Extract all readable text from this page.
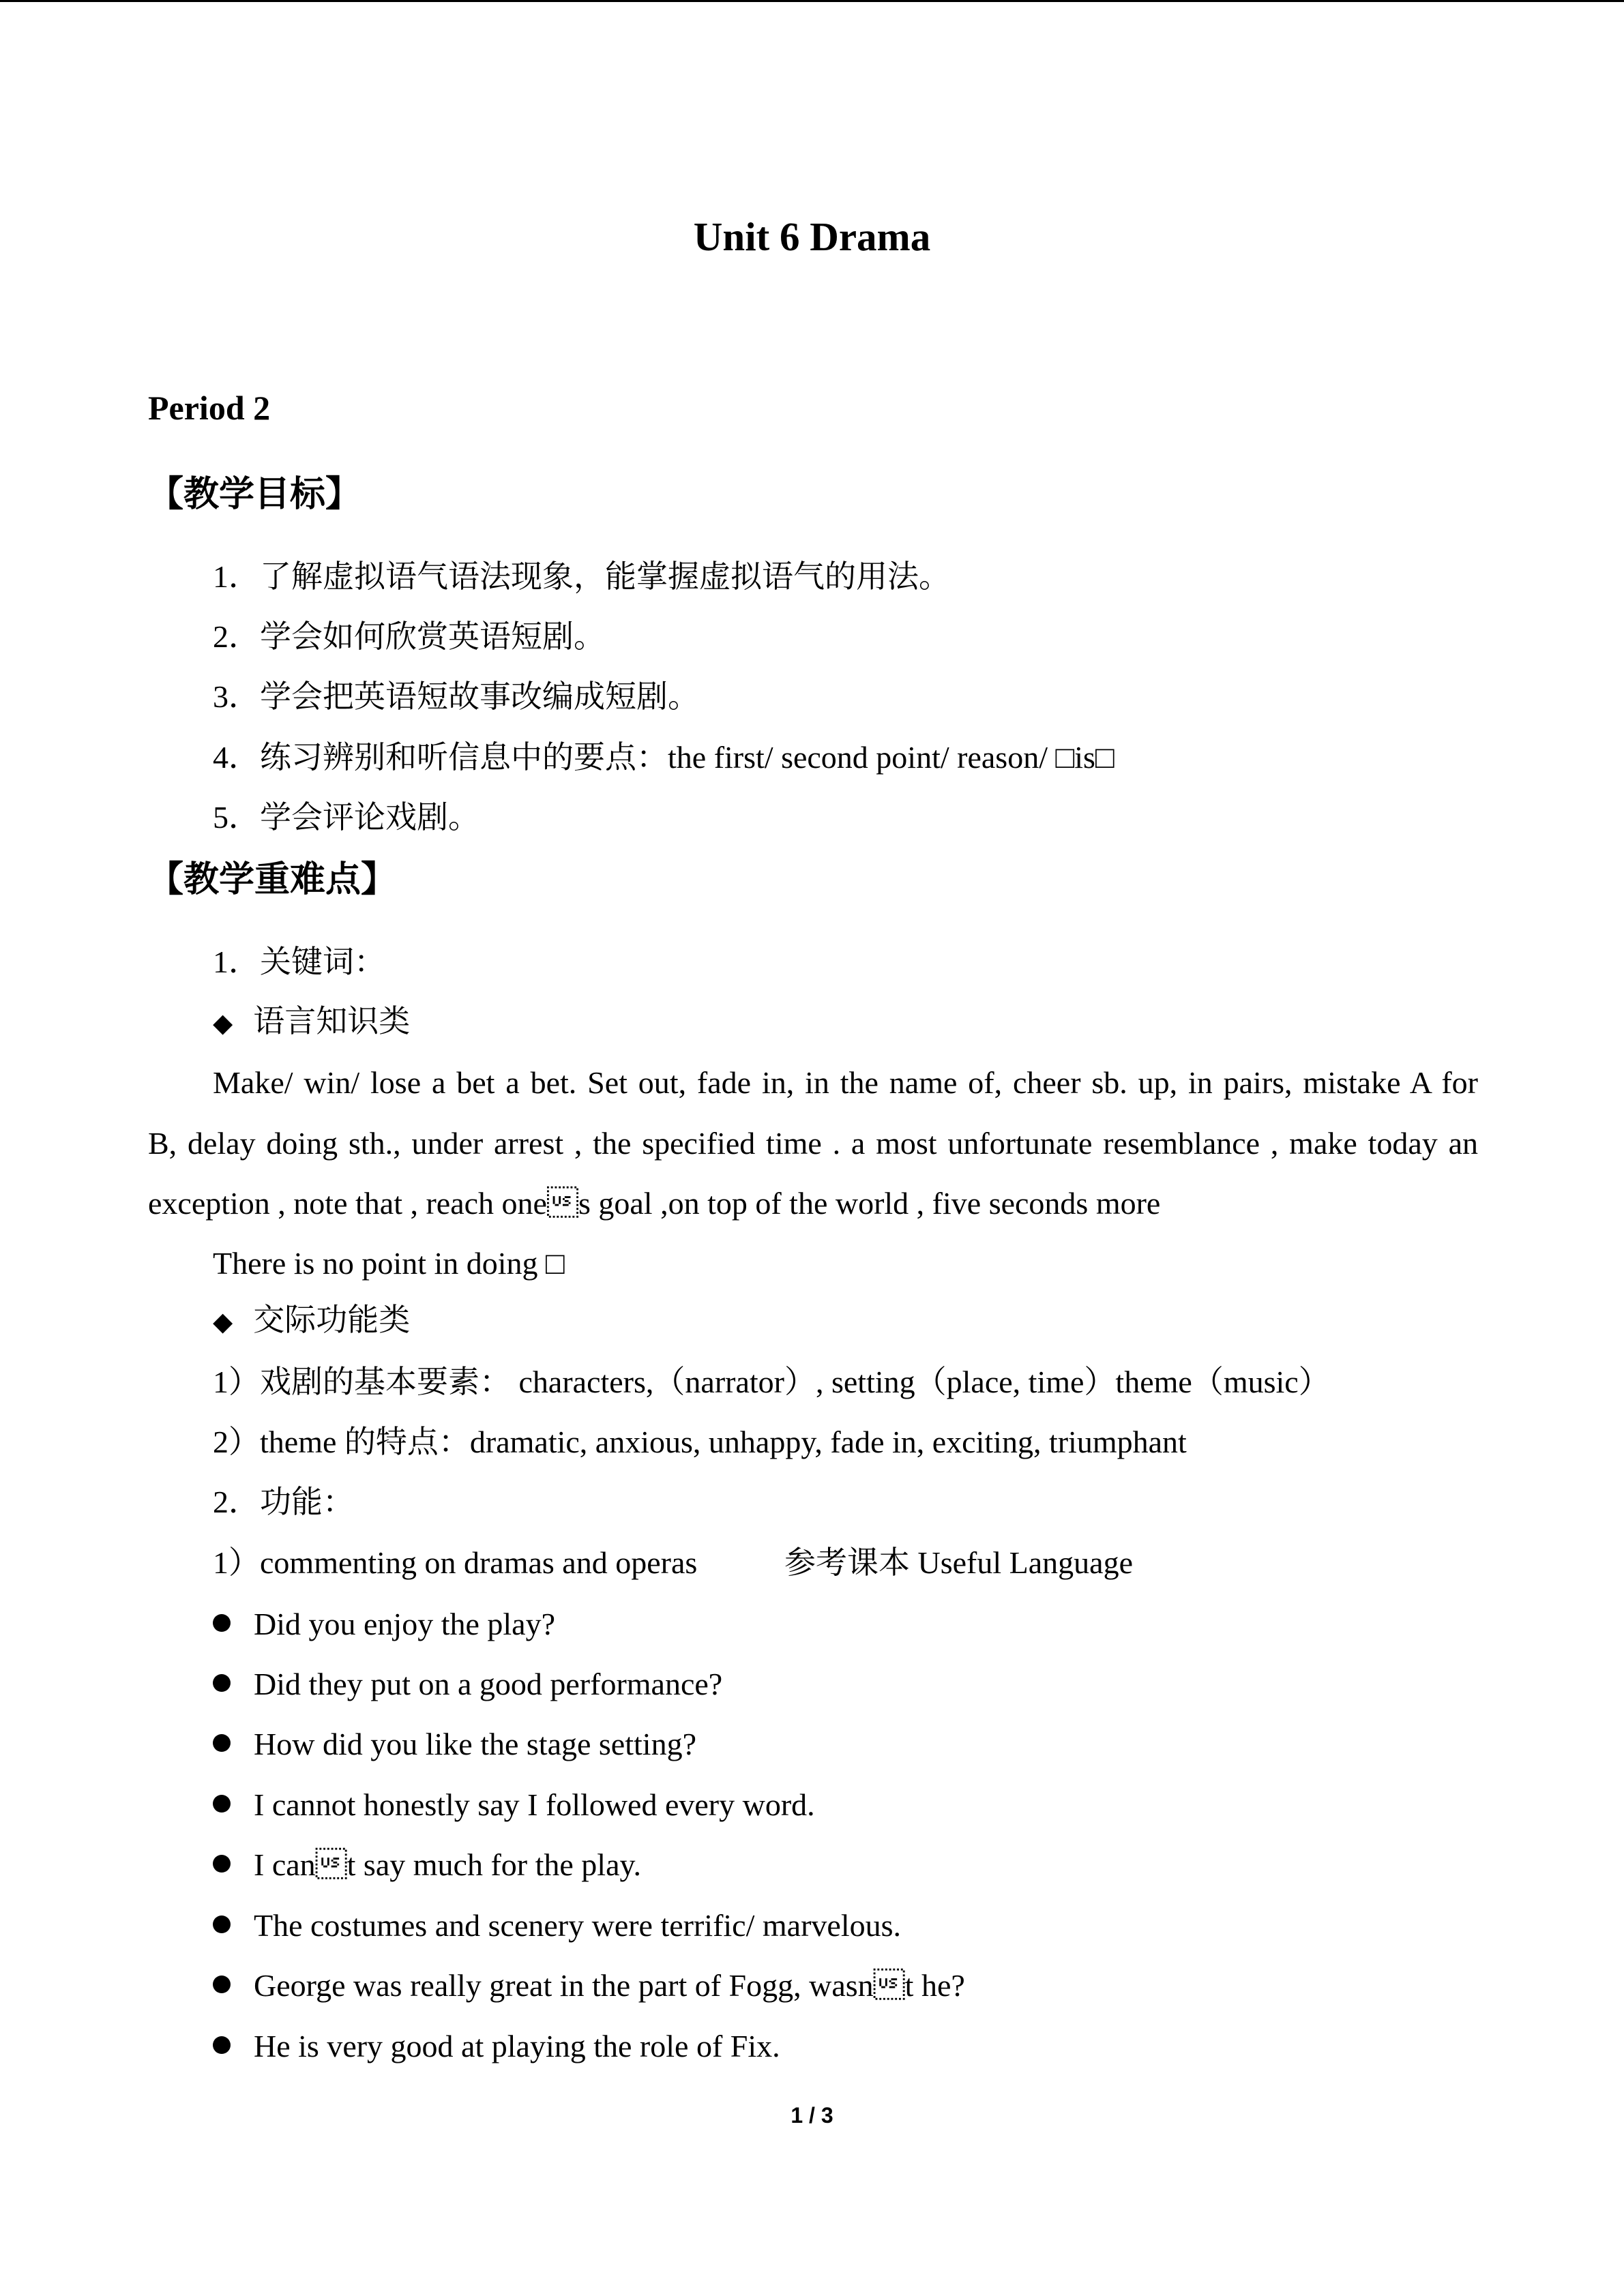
Unit 6 Drama
Period 2
【教学目标】
1．了解虚拟语气语法现象，能掌握虚拟语气的用法。
2．学会如何欣赏英语短剧。
3．学会把英语短故事改编成短剧。
4．练习辨别和听信息中的要点：the first/ second point/ reason/ □is□
5．学会评论戏剧。
【教学重难点】
1．关键词：
◆ 语言知识类
Make/ win/ lose a bet a bet. Set out, fade in, in the name of, cheer sb. up, in pairs, mistake A for
B, delay doing sth., under arrest , the specified time . a most unfortunate resemblance , make today an
exception , note that , reach ones goal ,on top of the world , five seconds more
There is no point in doing □
◆ 交际功能类
1）戏剧的基本要素： characters,（narrator）, setting（place, time）theme（music）
2）theme 的特点：dramatic, anxious, unhappy, fade in, exciting, triumphant
2．功能：
1）commenting on dramas and operas	参考课本 Useful Language
Did you enjoy the play?
Did they put on a good performance?
How did you like the stage setting?
I cannot honestly say I followed every word.
I cant say much for the play.
The costumes and scenery were terrific/ marvelous.
George was really great in the part of Fogg, wasnt he?
He is very good at playing the role of Fix.
1 / 3
